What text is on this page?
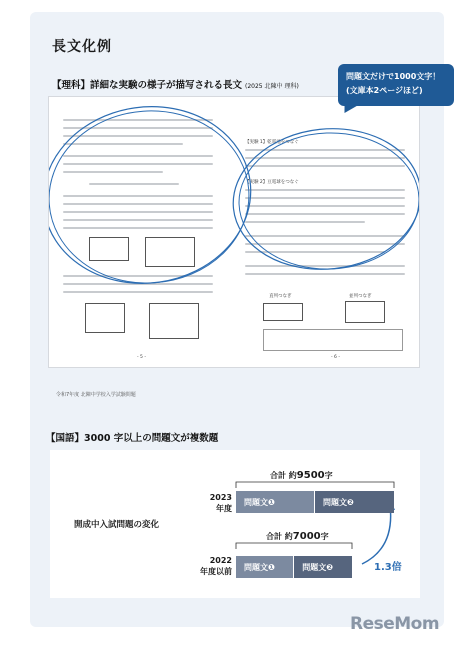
長文化例
【理科】詳細な実験の様子が描写される長文 (2025 北陳中 理科)
- 5 -
【実験 1】乾電池をつなぐ
【実験 2】豆電球をつなぐ
直列つなぎ	並列つなぎ
- 6 -
問題文だけで1000文字！
(文庫本2ページほど)
令和7年度 北陳中学校入学試験問題
【国語】3000 字以上の問題文が複数題
開成中入試問題の変化
合計 約9500字
2023
年度
問題文❶	問題文❷
合計 約7000字
2022
年度以前	問題文❶	問題文❷	1.3倍
ReseMom
